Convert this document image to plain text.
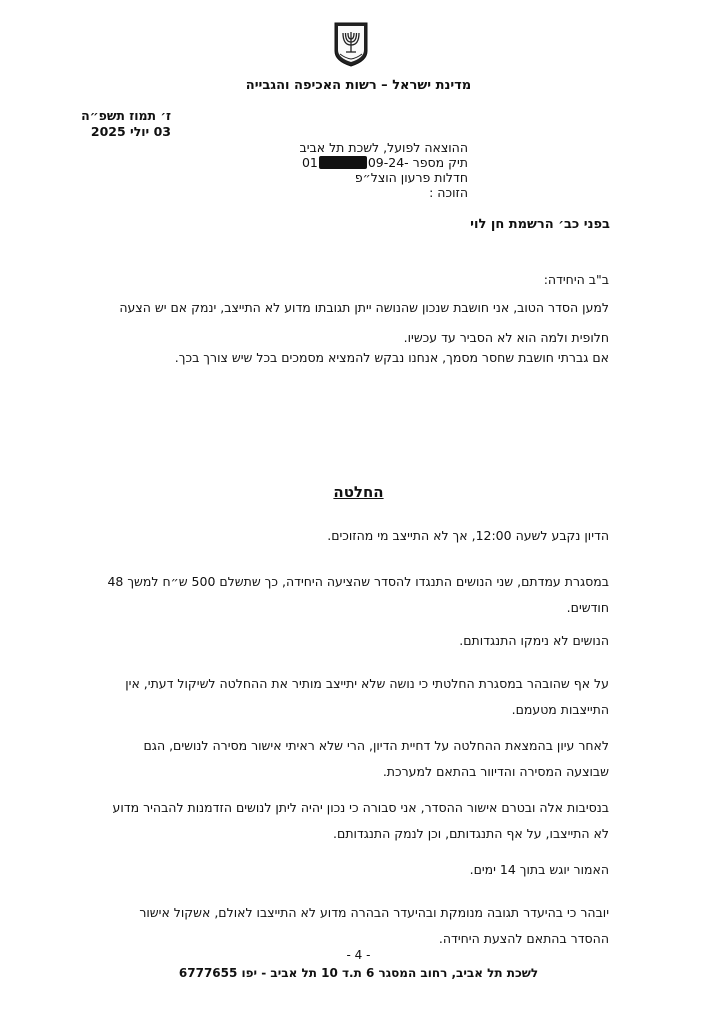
מדינת ישראל – רשות האכיפה והגבייה
ז׳ תמוז תשפ״ה
03 יולי 2025
ההוצאה לפועל, לשכת תל אביב
תיק מספר 09-24-01
חדלות פרעון הוצל״פ
הזוכה :
בפני כב׳ הרשמת חן לוי
ב"ב היחידה:
למען הסדר הטוב, אני חושבת שנכון שהנושה ייתן תגובתו מדוע לא התייצב, ינמק אם יש הצעה חלופית ולמה הוא לא הסביר עד עכשיו.
אם גברתי חושבת שחסר מסמך, אנחנו נבקש להמציא מסמכים בכל שיש צורך בכך.
החלטה
הדיון נקבע לשעה 12:00, אך לא התייצב מי מהזוכים.
במסגרת עמדתם, שני הנושים התנגדו להסדר שהציעה היחידה, כך שתשלם 500 ש״ח למשך 48 חודשים.
הנושים לא נימקו התנגדותם.
על אף שהובהר במסגרת החלטתי כי נושה שלא יתייצב מותיר את ההחלטה לשיקול דעתי, אין התייצבות מטעמם.
לאחר עיון בהמצאת ההחלטה על דחיית הדיון, הרי שלא ראיתי אישור מסירה לנושים, הגם שבוצעה המסירה והדיוור בהתאם למערכת.
בנסיבות אלה ובטרם אישור ההסדר, אני סבורה כי נכון יהיה ליתן לנושים הזדמנות להבהיר מדוע לא התייצבו, על אף התנגדותם, וכן לנמק התנגדותם.
האמור יוגש בתוך 14 ימים.
יובהר כי בהיעדר תגובה מנומקת ובהיעדר הבהרה מדוע לא התייצבו לאולם, אשקול אישור ההסדר בהתאם להצעת היחידה.
- 4 -
לשכת תל אביב, רחוב המסגר 6 ת.ד 10 תל אביב - יפו 6777655
